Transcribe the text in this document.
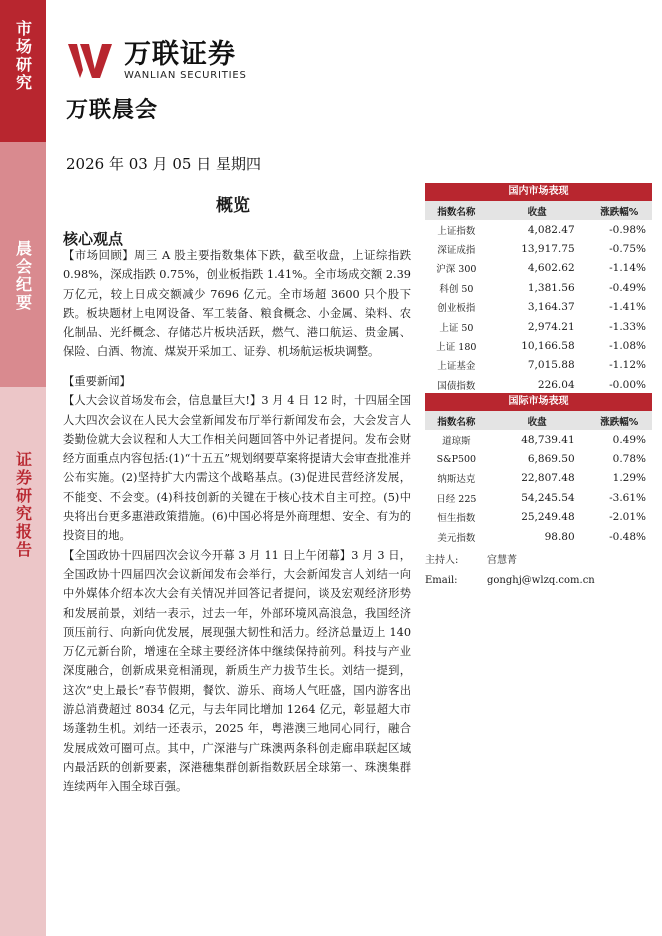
市场研究
晨会纪要
证券研究报告
万联证券
WANLIAN SECURITIES
万联晨会
2026 年 03 月 05 日 星期四
概览
核心观点
【市场回顾】周三 A 股主要指数集体下跌，截至收盘，上证综指跌 0.98%，深成指跌 0.75%，创业板指跌 1.41%。全市场成交额 2.39 万亿元，较上日成交额减少 7696 亿元。全市场超 3600 只个股下跌。板块题材上电网设备、军工装备、粮食概念、小金属、染料、农化制品、光纤概念、存储芯片板块活跃，燃气、港口航运、贵金属、保险、白酒、物流、煤炭开采加工、证券、机场航运板块调整。

【重要新闻】

【人大会议首场发布会，信息量巨大!】3 月 4 日 12 时，十四届全国人大四次会议在人民大会堂新闻发布厅举行新闻发布会，大会发言人娄勤俭就大会议程和人大工作相关问题回答中外记者提问。发布会财经方面重点内容包括:(1)“十五五”规划纲要草案将提请大会审查批准并公布实施。(2)坚持扩大内需这个战略基点。(3)促进民营经济发展，不能变、不会变。(4)科技创新的关键在于核心技术自主可控。(5)中央将出台更多惠港政策措施。(6)中国必将是外商理想、安全、有为的投资目的地。

【全国政协十四届四次会议今开幕 3 月 11 日上午闭幕】3 月 3 日，全国政协十四届四次会议新闻发布会举行，大会新闻发言人刘结一向中外媒体介绍本次大会有关情况并回答记者提问，谈及宏观经济形势和发展前景，刘结一表示，过去一年，外部环境风高浪急，我国经济顶压前行、向新向优发展，展现强大韧性和活力。经济总量迈上 140 万亿元新台阶，增速在全球主要经济体中继续保持前列。科技与产业深度融合，创新成果竞相涌现，新质生产力拔节生长。刘结一提到，这次“史上最长”春节假期，餐饮、游乐、商场人气旺盛，国内游客出游总消费超过 8034 亿元，与去年同比增加 1264 亿元，彰显超大市场蓬勃生机。刘结一还表示，2025 年，粤港澳三地同心同行，融合发展成效可圈可点。其中，广深港与广珠澳两条科创走廊串联起区域内最活跃的创新要素，深港穗集群创新指数跃居全球第一、珠澳集群连续两年入围全球百强。

国内市场表现
指数名称	收盘	涨跌幅%
上证指数	4,082.47	-0.98%
深证成指	13,917.75	-0.75%
沪深 300	4,602.62	-1.14%
科创 50	1,381.56	-0.49%
创业板指	3,164.37	-1.41%
上证 50	2,974.21	-1.33%
上证 180	10,166.58	-1.08%
上证基金	7,015.88	-1.12%
国债指数	226.04	-0.00%
国际市场表现
指数名称	收盘	涨跌幅%
道琼斯	48,739.41	0.49%
S&P500	6,869.50	0.78%
纳斯达克	22,807.48	1.29%
日经 225	54,245.54	-3.61%
恒生指数	25,249.48	-2.01%
美元指数	98.80	-0.48%
主持人:	宫慧菁
Email:	gonghj@wlzq.com.cn
